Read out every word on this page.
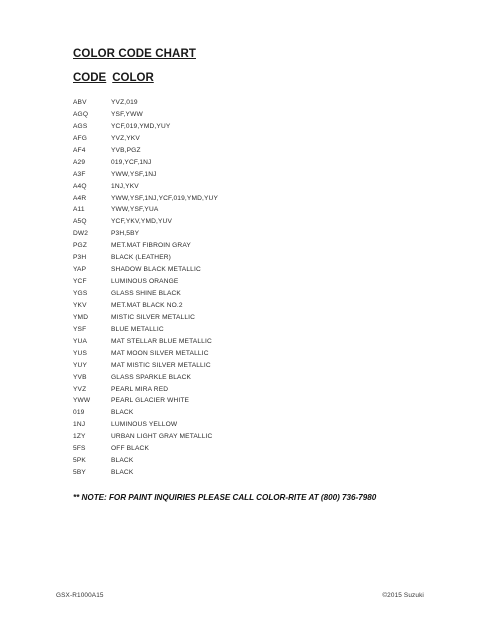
COLOR CODE CHART
CODE COLOR
ABV	YVZ,019
AGQ	YSF,YWW
AGS	YCF,019,YMD,YUY
AFG	YVZ,YKV
AF4	YVB,PGZ
A29	019,YCF,1NJ
A3F	YWW,YSF,1NJ
A4Q	1NJ,YKV
A4R	YWW,YSF,1NJ,YCF,019,YMD,YUY
A11	YWW,YSF,YUA
A5Q	YCF,YKV,YMD,YUV
DW2	P3H,5BY
PGZ	MET.MAT FIBROIN GRAY
P3H	BLACK (LEATHER)
YAP	SHADOW BLACK METALLIC
YCF	LUMINOUS ORANGE
YGS	GLASS SHINE BLACK
YKV	MET.MAT BLACK NO.2
YMD	MISTIC SILVER METALLIC
YSF	BLUE METALLIC
YUA	MAT STELLAR BLUE METALLIC
YUS	MAT MOON SILVER METALLIC
YUY	MAT MISTIC SILVER METALLIC
YVB	GLASS SPARKLE BLACK
YVZ	PEARL MIRA RED
YWW	PEARL GLACIER WHITE
019	BLACK
1NJ	LUMINOUS YELLOW
1ZY	URBAN LIGHT GRAY METALLIC
5FS	OFF BLACK
5PK	BLACK
5BY	BLACK
** NOTE: FOR PAINT INQUIRIES PLEASE CALL COLOR-RITE AT (800) 736-7980
GSX-R1000A15	©2015 Suzuki
